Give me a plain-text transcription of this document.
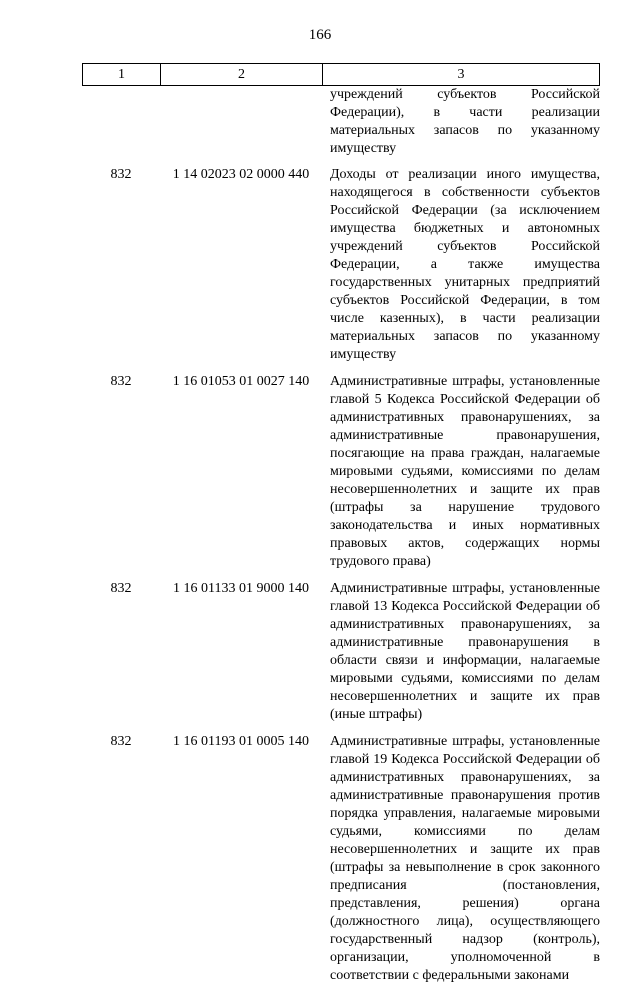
166
1	2	3
учреждений субъектов Российской Федерации), в части реализации материальных запасов по указанному имуществу
832	1 14 02023 02 0000 440	Доходы от реализации иного имущества, находящегося в собственности субъектов Российской Федерации (за исключением имущества бюджетных и автономных учреждений субъектов Российской Федерации, а также имущества государственных унитарных предприятий субъектов Российской Федерации, в том числе казенных), в части реализации материальных запасов по указанному имуществу
832	1 16 01053 01 0027 140	Административные штрафы, установленные главой 5 Кодекса Российской Федерации об административных правонарушениях, за административные правонарушения, посягающие на права граждан, налагаемые мировыми судьями, комиссиями по делам несовершеннолетних и защите их прав (штрафы за нарушение трудового законодательства и иных нормативных правовых актов, содержащих нормы трудового права)
832	1 16 01133 01 9000 140	Административные штрафы, установленные главой 13 Кодекса Российской Федерации об административных правонарушениях, за административные правонарушения в области связи и информации, налагаемые мировыми судьями, комиссиями по делам несовершеннолетних и защите их прав (иные штрафы)
832	1 16 01193 01 0005 140	Административные штрафы, установленные главой 19 Кодекса Российской Федерации об административных правонарушениях, за административные правонарушения против порядка управления, налагаемые мировыми судьями, комиссиями по делам несовершеннолетних и защите их прав (штрафы за невыполнение в срок законного предписания (постановления, представления, решения) органа (должностного лица), осуществляющего государственный надзор (контроль), организации, уполномоченной в соответствии с федеральными законами
